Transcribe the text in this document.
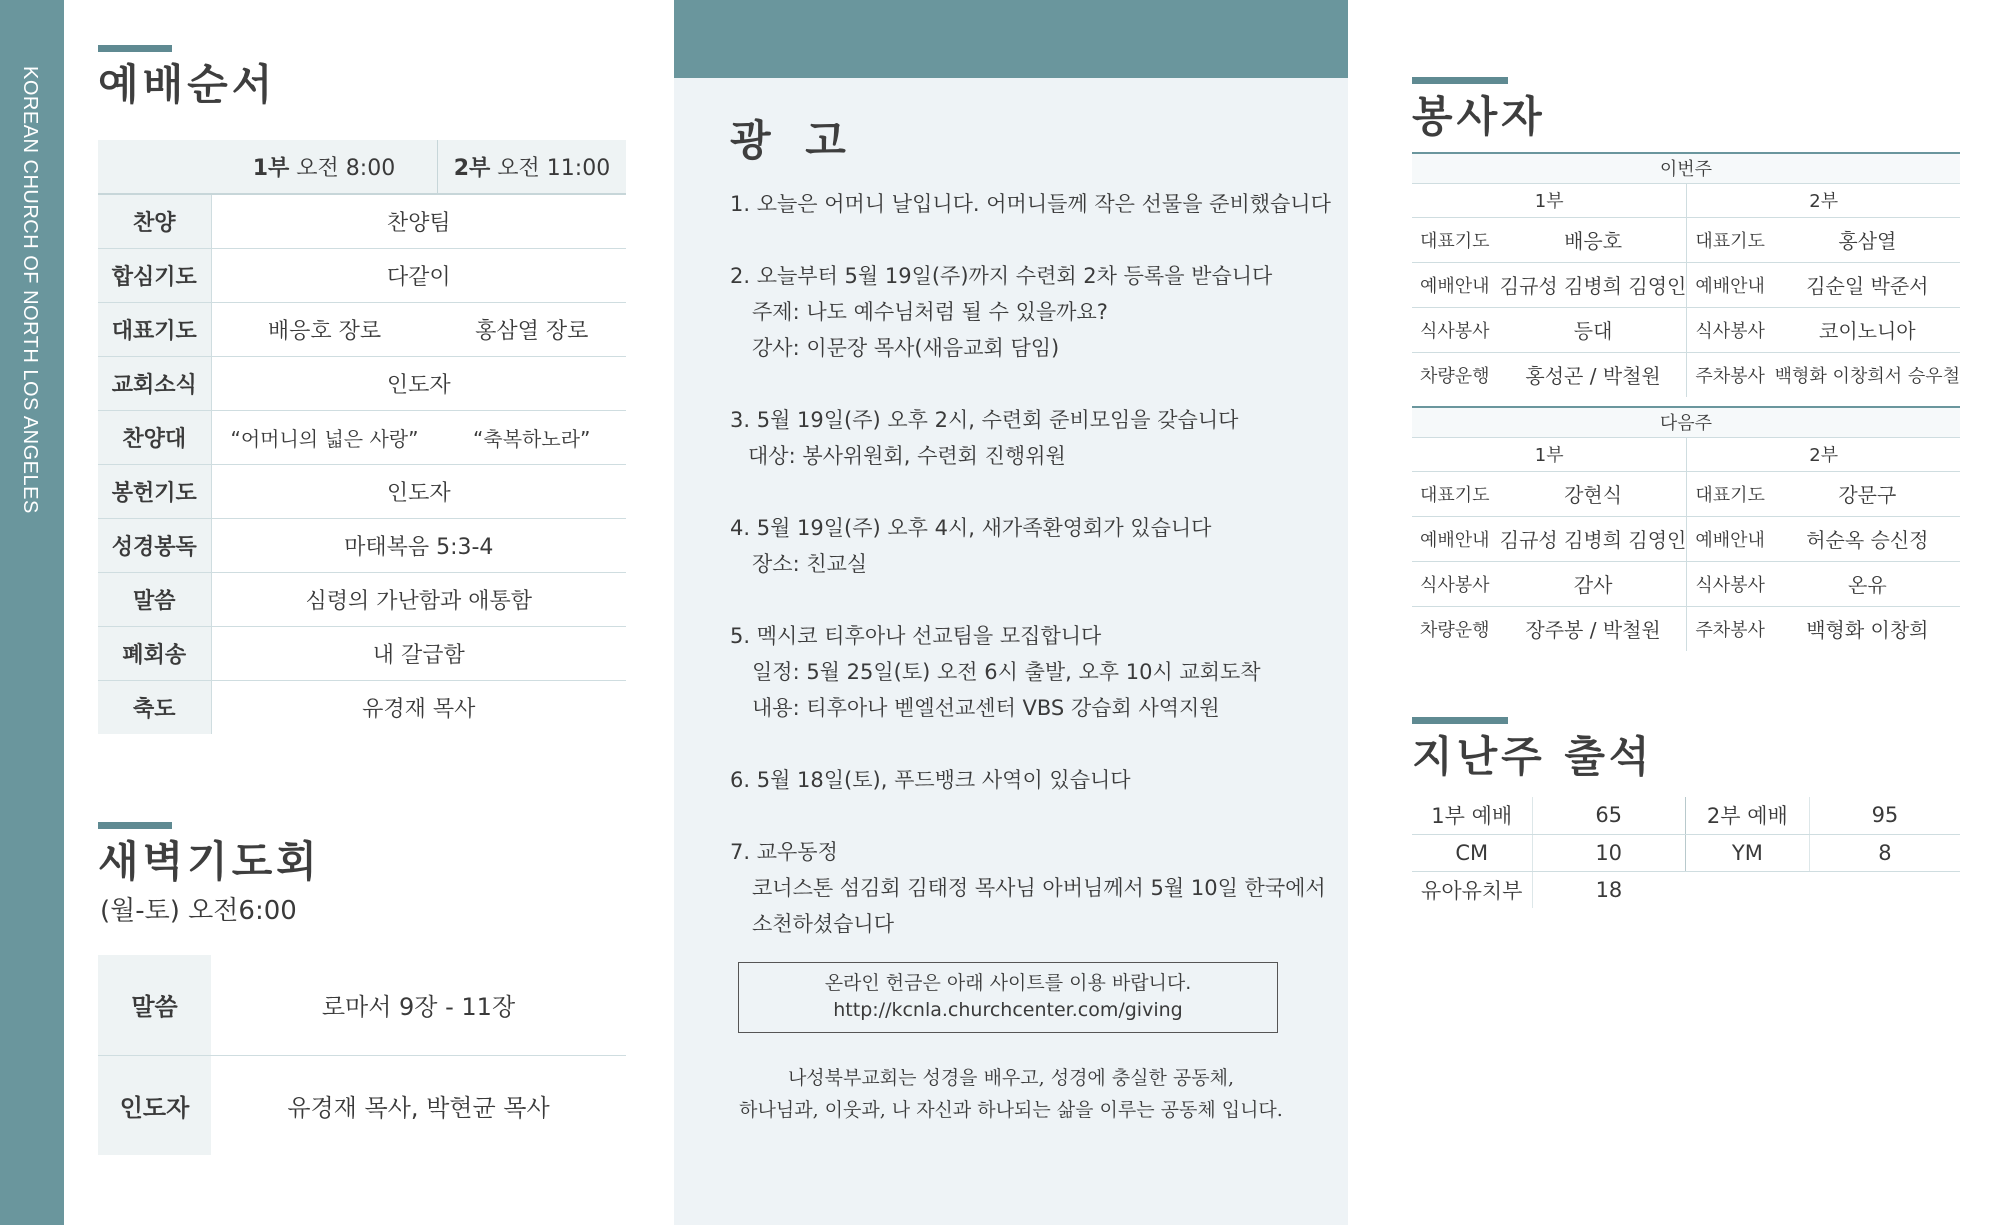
KOREAN CHURCH OF NORTH LOS ANGELES 예배순서
	1부 오전 8:00	2부 오전 11:00
찬양	찬양팀	
합심기도	다같이	
대표기도	배응호 장로	홍삼열 장로
교회소식	인도자	
찬양대	“어머니의 넓은 사랑”	“축복하노라”
봉헌기도	인도자	
성경봉독	마태복음 5:3-4	
말씀	심령의 가난함과 애통함	
폐회송	내 갈급함	
축도	유경재 목사	
새벽기도회
(월-토) 오전6:00
말씀	로마서 9장 - 11장
인도자	유경재 목사, 박현균 목사
광 고
1. 오늘은 어머니 날입니다. 어머니들께 작은 선물을 준비했습니다
2. 오늘부터 5월 19일(주)까지 수련회 2차 등록을 받습니다
주제: 나도 예수님처럼 될 수 있을까요?
강사: 이문장 목사(새음교회 담임)
3. 5월 19일(주) 오후 2시, 수련회 준비모임을 갖습니다
대상: 봉사위원회, 수련회 진행위원
4. 5월 19일(주) 오후 4시, 새가족환영회가 있습니다
장소: 친교실
5. 멕시코 티후아나 선교팀을 모집합니다
일정: 5월 25일(토) 오전 6시 출발, 오후 10시 교회도착
내용: 티후아나 벧엘선교센터 VBS 강습회 사역지원
6. 5월 18일(토), 푸드뱅크 사역이 있습니다
7. 교우동정
코너스톤 섬김회 김태정 목사님 아버님께서 5월 10일 한국에서
소천하셨습니다
온라인 헌금은 아래 사이트를 이용 바랍니다.
http://kcnla.churchcenter.com/giving
나성북부교회는 성경을 배우고, 성경에 충실한 공동체,
하나님과, 이웃과, 나 자신과 하나되는 삶을 이루는 공동체 입니다.
봉사자
이번주			
1부		2부	
대표기도	배응호	대표기도	홍삼열
예배안내	김규성 김병희 김영인	예배안내	김순일 박준서
식사봉사	등대	식사봉사	코이노니아
차량운행	홍성곤 / 박철원	주차봉사	백형화 이창희서 승우철

다음주			
1부		2부	
대표기도	강현식	대표기도	강문구
예배안내	김규성 김병희 김영인	예배안내	허순옥 승신정
식사봉사	감사	식사봉사	온유
차량운행	장주봉 / 박철원	주차봉사	백형화 이창희
지난주 출석
1부 예배	65	2부 예배	95
CM	10	YM	8
유아유치부	18		
